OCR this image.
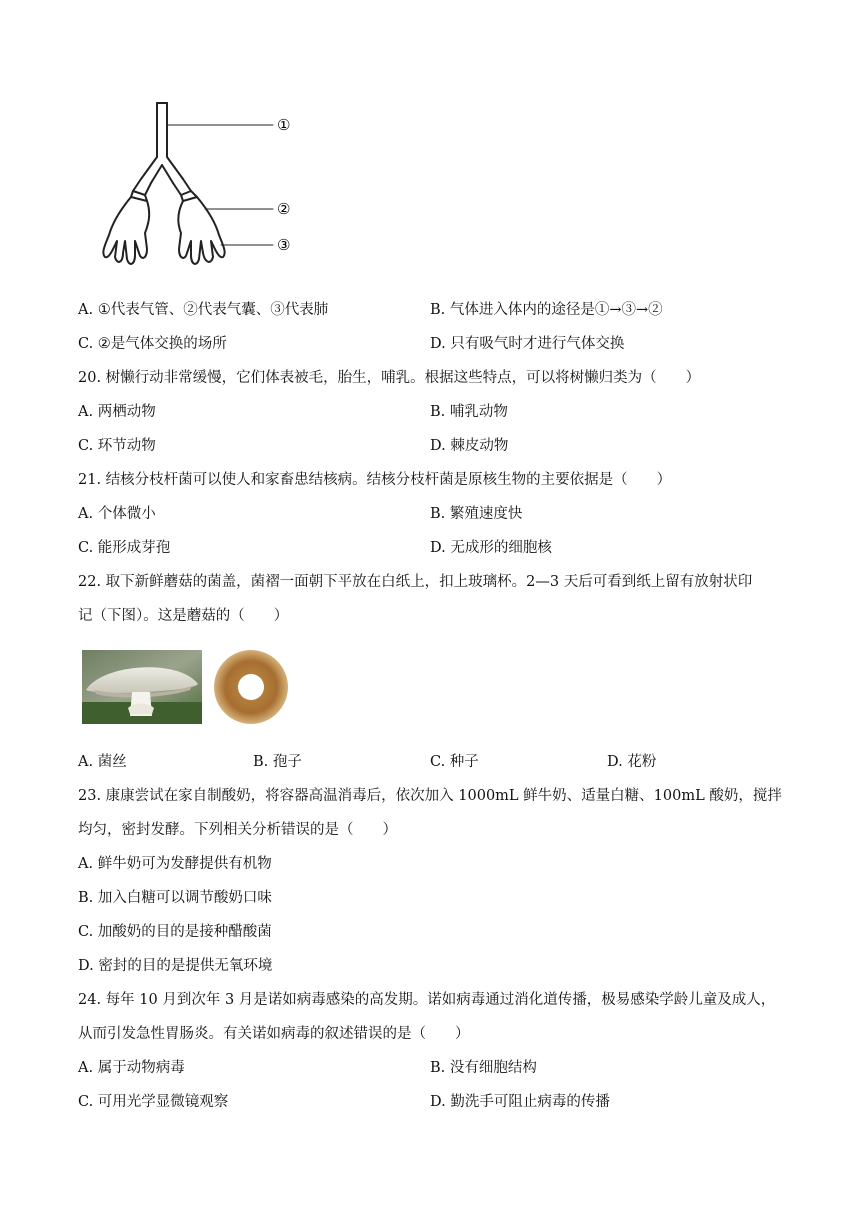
①
②
③
A. ①代表气管、②代表气囊、③代表肺	B. 气体进入体内的途径是①→③→②
C. ②是气体交换的场所	D. 只有吸气时才进行气体交换
20. 树懒行动非常缓慢，它们体表被毛，胎生，哺乳。根据这些特点，可以将树懒归类为（　　）
A. 两栖动物	B. 哺乳动物
C. 环节动物	D. 棘皮动物
21. 结核分枝杆菌可以使人和家畜患结核病。结核分枝杆菌是原核生物的主要依据是（　　）
A. 个体微小	B. 繁殖速度快
C. 能形成芽孢	D. 无成形的细胞核
22. 取下新鲜蘑菇的菌盖，菌褶一面朝下平放在白纸上，扣上玻璃杯。2—3 天后可看到纸上留有放射状印
记（下图）。这是蘑菇的（　　）
A. 菌丝	B. 孢子	C. 种子	D. 花粉
23. 康康尝试在家自制酸奶，将容器高温消毒后，依次加入 1000mL 鲜牛奶、适量白糖、100mL 酸奶，搅拌
均匀，密封发酵。下列相关分析错误的是（　　）
A. 鲜牛奶可为发酵提供有机物
B. 加入白糖可以调节酸奶口味
C. 加酸奶的目的是接种醋酸菌
D. 密封的目的是提供无氧环境
24. 每年 10 月到次年 3 月是诺如病毒感染的高发期。诺如病毒通过消化道传播，极易感染学龄儿童及成人，
从而引发急性胃肠炎。有关诺如病毒的叙述错误的是（　　）
A. 属于动物病毒	B. 没有细胞结构
C. 可用光学显微镜观察	D. 勤洗手可阻止病毒的传播
